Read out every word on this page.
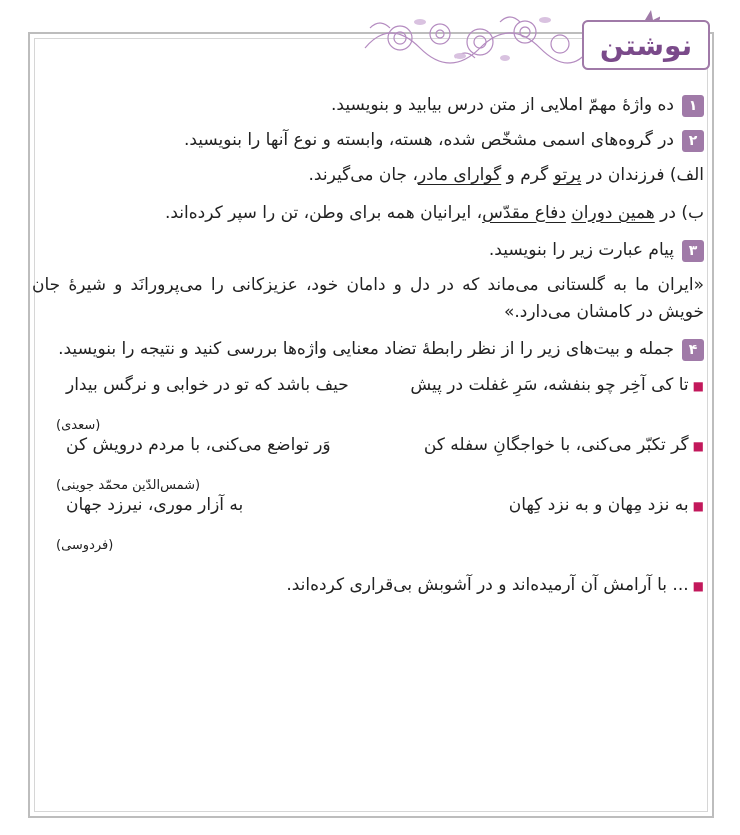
نوشتن
۱
ده واژهٔ مهمّ املایی از متن درس بیابید و بنویسید.
۲
در گروه‌های اسمی مشخّص شده، هسته، وابسته و نوع آنها را بنویسید.
الف) فرزندان در پرتو گرم و گوارای مادر، جان می‌گیرند.
ب) در همین دوران دفاع مقدّس، ایرانیان همه برای وطن، تن را سپر کرده‌اند.
۳
پیام عبارت زیر را بنویسید.
«ایران ما به گلستانی می‌ماند که در دل و دامان خود، عزیزکانی را می‌پرورانَد و شیرهٔ جان خویش در کامشان می‌دارد.»
۴
جمله و بیت‌های زیر را از نظر رابطهٔ تضاد معنایی واژه‌ها بررسی کنید و نتیجه را بنویسید.
■تا کی آخِر چو بنفشه، سَرِ غفلت در پیش
حیف باشد که تو در خوابی و نرگس بیدار
(سعدی)
■گر تکبّر می‌کنی، با خواجگانِ سفله کن
وَر تواضع می‌کنی، با مردم درویش کن
(شمس‌الدّین محمّد جوینی)
■به نزد مِهان و به نزد کِهان
به آزار موری، نیرزد جهان
(فردوسی)
■... با آرامش آن آرمیده‌اند و در آشوبش بی‌قراری کرده‌اند.
